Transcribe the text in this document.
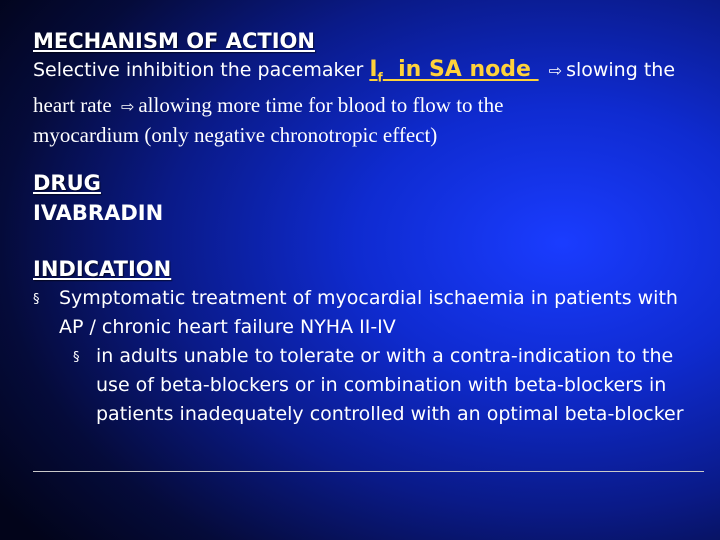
MECHANISM OF ACTION
Selective inhibition the pacemaker $I_f$  in SA node  ⇨ slowing the
heart rate ⇨ allowing more time for blood to flow to the
myocardium (only negative chronotropic effect)
DRUG
IVABRADIN
INDICATION
§ Symptomatic treatment of myocardial ischaemia in patients with AP / chronic heart failure NYHA II-IV
§ in adults unable to tolerate or with a contra-indication to the use of beta-blockers or in combination with beta-blockers in patients inadequately controlled with an optimal beta-blocker
